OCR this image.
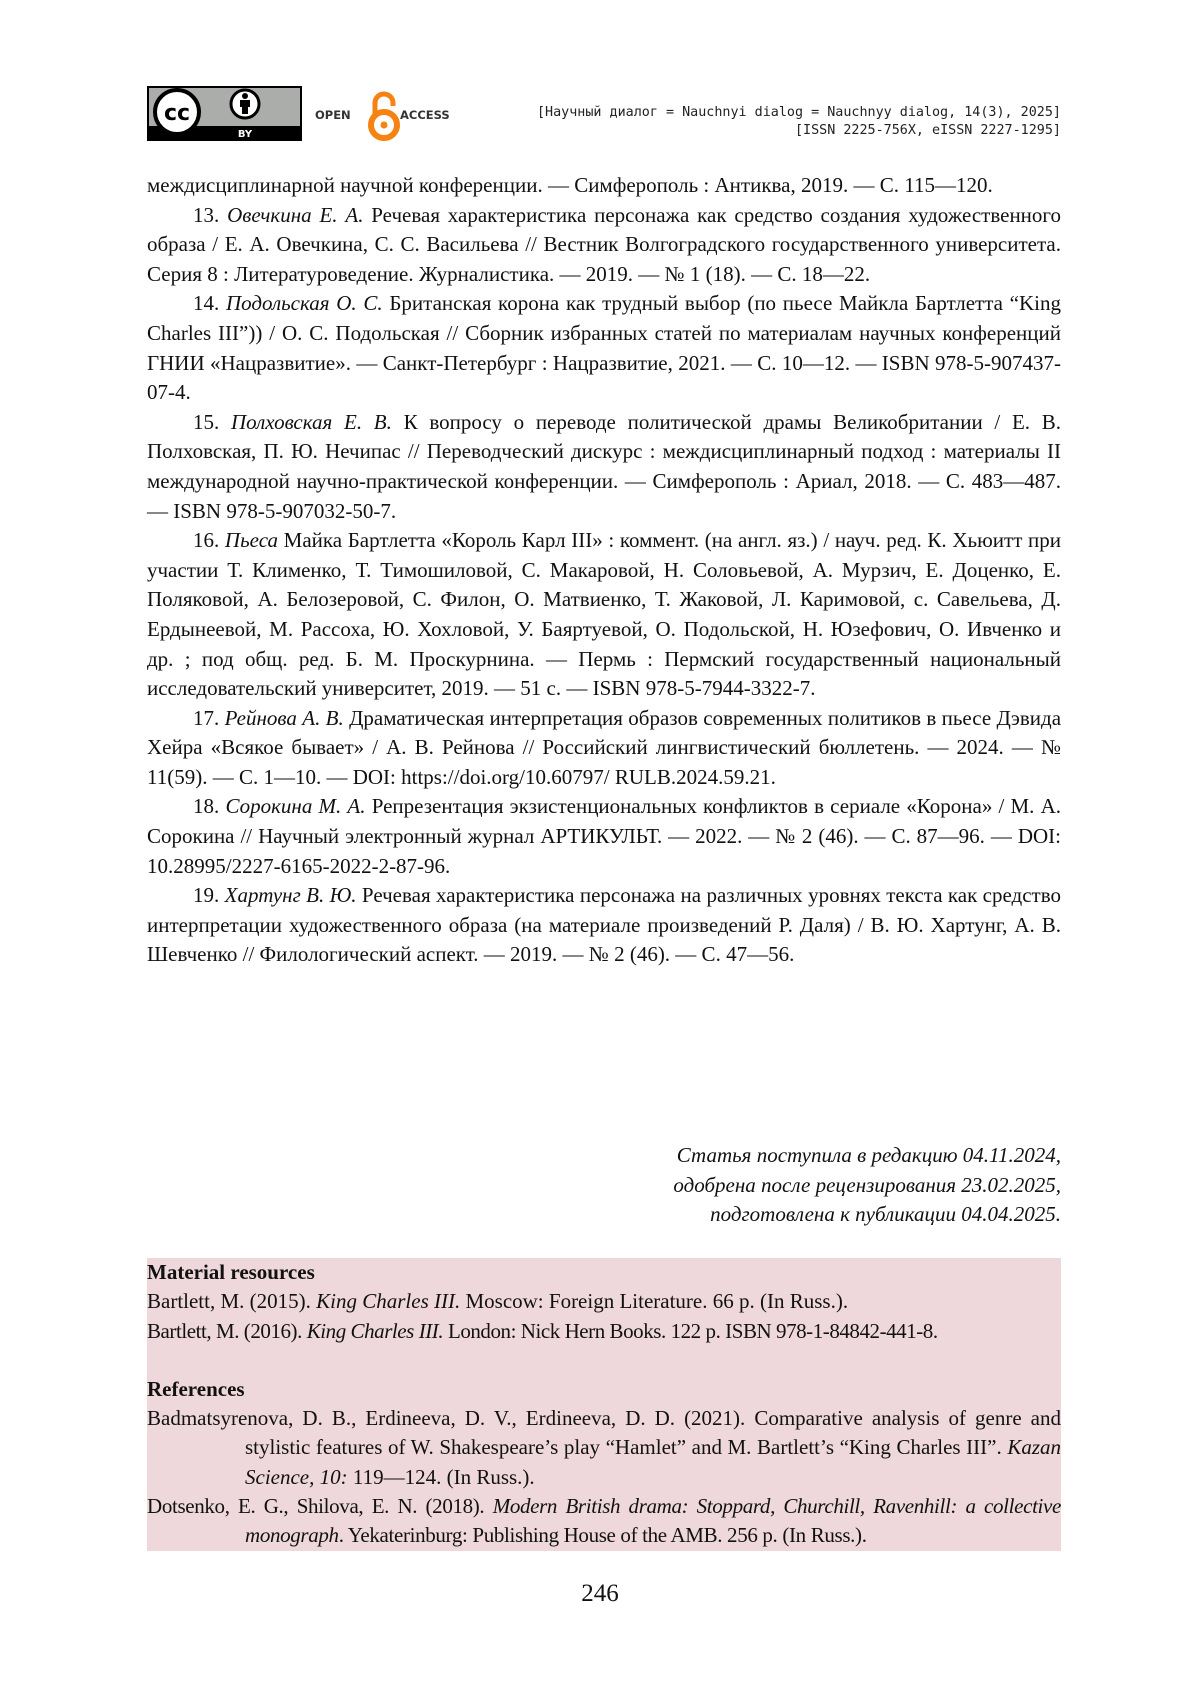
cc
BY
OPEN	ACCESS	[Научный диалог = Nauchnyi dialog = Nauchnyy dialog, 14(3), 2025]
[ISSN 2225-756X, eISSN 2227-1295]

междисциплинарной научной конференции. — Симферополь : Антиква, 2019. — С. 115—120.

13. Овечкина Е. А. Речевая характеристика персонажа как средство создания художественного образа / Е. А. Овечкина, С. С. Васильева // Вестник Волгоградского государственного университета. Серия 8 : Литературоведение. Журналистика. — 2019. — № 1 (18). — С. 18—22.

14. Подольская О. С. Британская корона как трудный выбор (по пьесе Майкла Бартлетта “King Charles III”)) / О. С. Подольская // Сборник избранных статей по материалам научных конференций ГНИИ «Нацразвитие». — Санкт-Петербург : Нацразвитие, 2021. — С. 10—12. — ISBN 978-5-907437-07-4.

15. Полховская Е. В. К вопросу о переводе политической драмы Великобритании / Е. В. Полховская, П. Ю. Нечипас // Переводческий дискурс : междисциплинарный подход : материалы II международной научно-практической конференции. — Симферополь : Ариал, 2018. — С. 483—487. — ISBN 978-5-907032-50-7.

16. Пьеса Майка Бартлетта «Король Карл III» : коммент. (на англ. яз.) / науч. ред. К. Хьюитт при участии Т. Клименко, Т. Тимошиловой, С. Макаровой, Н. Соловьевой, А. Мурзич, Е. Доценко, Е. Поляковой, А. Белозеровой, С. Филон, О. Матвиенко, Т. Жаковой, Л. Каримовой, с. Савельева, Д. Ердынеевой, М. Рассоха, Ю. Хохловой, У. Баяртуевой, О. Подольской, Н. Юзефович, О. Ивченко и др. ; под общ. ред. Б. М. Проскурнина. — Пермь : Пермский государственный национальный исследовательский университет, 2019. — 51 с. — ISBN 978-5-7944-3322-7.

17. Рейнова А. В. Драматическая интерпретация образов современных политиков в пьесе Дэвида Хейра «Всякое бывает» / А. В. Рейнова // Российский лингвистический бюллетень. — 2024. — № 11(59). — С. 1—10. — DOI: https://doi.org/10.60797/ RULB.2024.59.21.

18. Сорокина М. А. Репрезентация экзистенциональных конфликтов в сериале «Корона» / М. А. Сорокина // Научный электронный журнал АРТИКУЛЬТ. — 2022. — № 2 (46). — С. 87—96. — DOI: 10.28995/2227-6165-2022-2-87-96.

19. Хартунг В. Ю. Речевая характеристика персонажа на различных уровнях текста как средство интерпретации художественного образа (на материале произведений Р. Даля) / В. Ю. Хартунг, А. В. Шевченко // Филологический аспект. — 2019. — № 2 (46). — С. 47—56.

Статья поступила в редакцию 04.11.2024,
одобрена после рецензирования 23.02.2025,
подготовлена к публикации 04.04.2025.
Material resources

Bartlett, M. (2015). King Charles III. Moscow: Foreign Literature. 66 p. (In Russ.).

Bartlett, M. (2016). King Charles III. London: Nick Hern Books. 122 p. ISBN 978-1-84842-441-8.

References

Badmatsyrenova, D. B., Erdineeva, D. V., Erdineeva, D. D. (2021). Comparative analysis of genre and stylistic features of W. Shakespeare’s play “Hamlet” and M. Bartlett’s “King Charles III”. Kazan Science, 10: 119—124. (In Russ.).

Dotsenko, E. G., Shilova, E. N. (2018). Modern British drama: Stoppard, Churchill, Ravenhill: a collective monograph. Yekaterinburg: Publishing House of the AMB. 256 p. (In Russ.).

246
